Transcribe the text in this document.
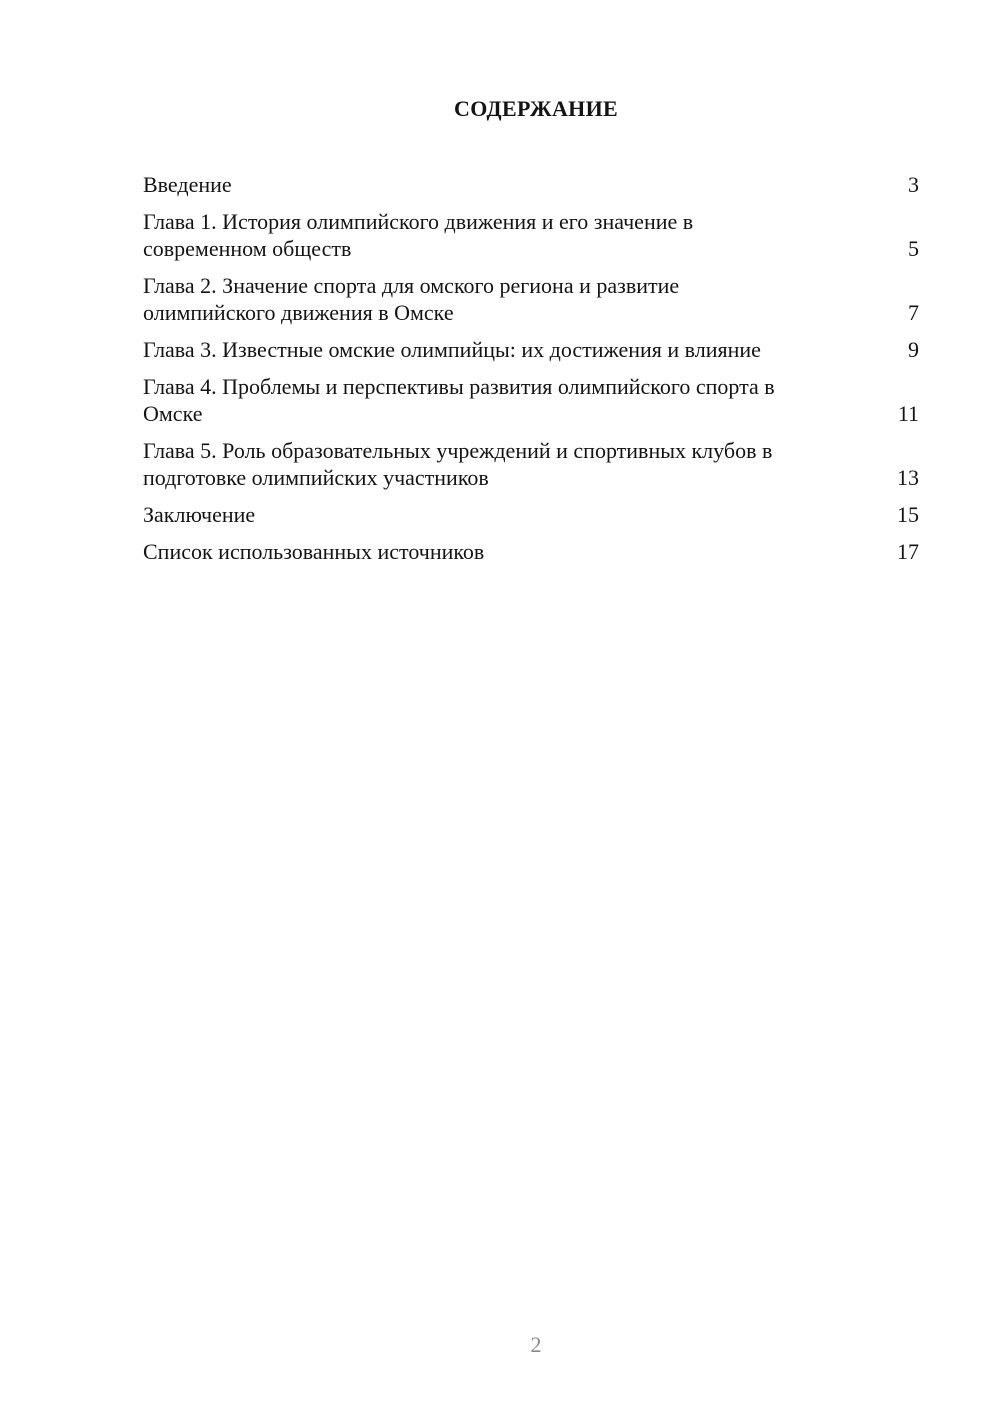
СОДЕРЖАНИЕ
Введение	3
Глава 1. История олимпийского движения и его значение в современном обществ	5
Глава 2. Значение спорта для омского региона и развитие олимпийского движения в Омске	7
Глава 3. Известные омские олимпийцы: их достижения и влияние	9
Глава 4. Проблемы и перспективы развития олимпийского спорта в Омске	11
Глава 5. Роль образовательных учреждений и спортивных клубов в подготовке олимпийских участников	13
Заключение	15
Список использованных источников	17
2
